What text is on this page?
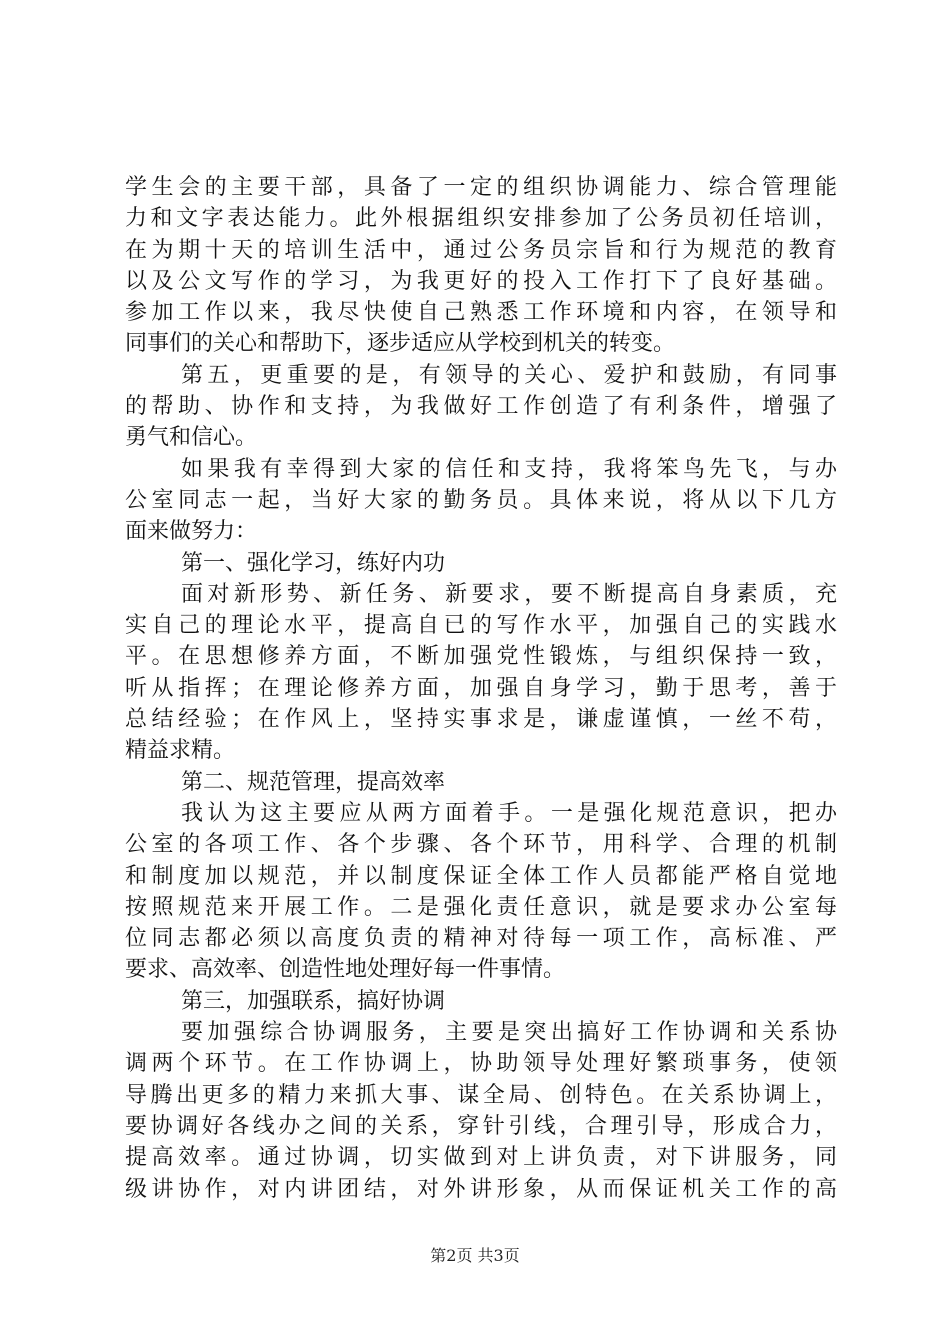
学生会的主要干部，具备了一定的组织协调能力、综合管理能
力和文字表达能力。此外根据组织安排参加了公务员初任培训，
在为期十天的培训生活中，通过公务员宗旨和行为规范的教育
以及公文写作的学习，为我更好的投入工作打下了良好基础。
参加工作以来，我尽快使自己熟悉工作环境和内容，在领导和
同事们的关心和帮助下，逐步适应从学校到机关的转变。
第五，更重要的是，有领导的关心、爱护和鼓励，有同事
的帮助、协作和支持，为我做好工作创造了有利条件，增强了
勇气和信心。
如果我有幸得到大家的信任和支持，我将笨鸟先飞，与办
公室同志一起，当好大家的勤务员。具体来说，将从以下几方
面来做努力：
第一、强化学习，练好内功
面对新形势、新任务、新要求，要不断提高自身素质，充
实自己的理论水平，提高自已的写作水平，加强自己的实践水
平。在思想修养方面，不断加强党性锻炼，与组织保持一致，
听从指挥；在理论修养方面，加强自身学习，勤于思考，善于
总结经验；在作风上，坚持实事求是，谦虚谨慎，一丝不苟，
精益求精。
第二、规范管理，提高效率
我认为这主要应从两方面着手。一是强化规范意识，把办
公室的各项工作、各个步骤、各个环节，用科学、合理的机制
和制度加以规范，并以制度保证全体工作人员都能严格自觉地
按照规范来开展工作。二是强化责任意识，就是要求办公室每
位同志都必须以高度负责的精神对待每一项工作，高标准、严
要求、高效率、创造性地处理好每一件事情。
第三，加强联系，搞好协调
要加强综合协调服务，主要是突出搞好工作协调和关系协
调两个环节。在工作协调上，协助领导处理好繁琐事务，使领
导腾出更多的精力来抓大事、谋全局、创特色。在关系协调上，
要协调好各线办之间的关系，穿针引线，合理引导，形成合力，
提高效率。通过协调，切实做到对上讲负责，对下讲服务，同
级讲协作，对内讲团结，对外讲形象，从而保证机关工作的高
第2页 共3页
